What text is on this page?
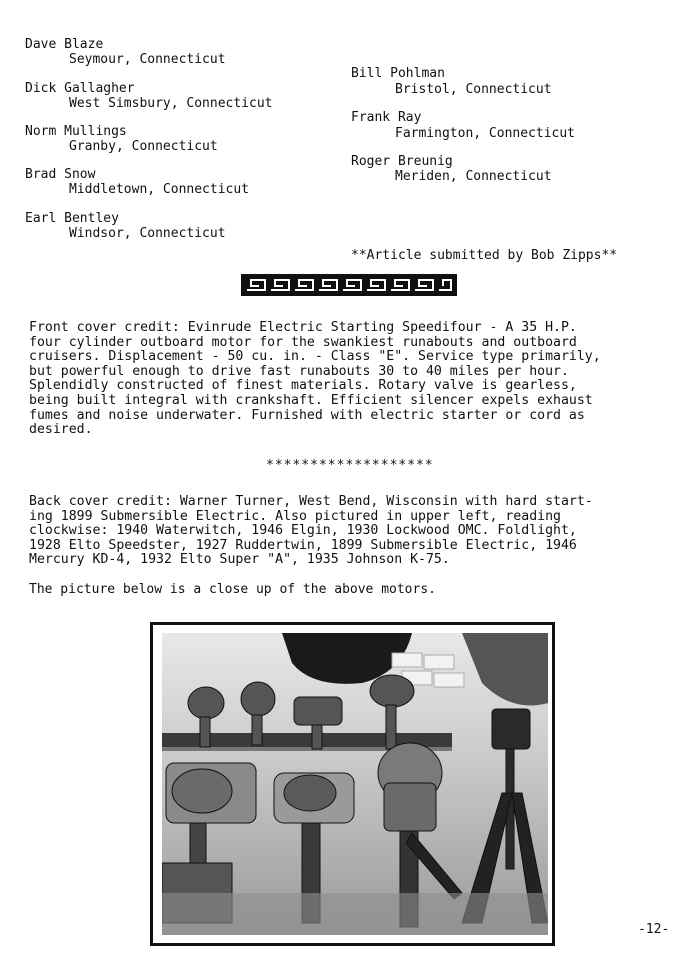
Dave Blaze
Seymour, Connecticut
Dick Gallagher
West Simsbury, Connecticut
Norm Mullings
Granby, Connecticut
Brad Snow
Middletown, Connecticut
Earl Bentley
Windsor, Connecticut
Bill Pohlman
Bristol, Connecticut
Frank Ray
Farmington, Connecticut
Roger Breunig
Meriden, Connecticut
**Article submitted by Bob Zipps**
Front cover credit: Evinrude Electric Starting Speedifour - A 35 H.P.
four cylinder outboard motor for the swankiest runabouts and outboard
cruisers. Displacement - 50 cu. in. - Class "E". Service type primarily,
but powerful enough to drive fast runabouts 30 to 40 miles per hour.
Splendidly constructed of finest materials. Rotary valve is gearless,
being built integral with crankshaft. Efficient silencer expels exhaust
fumes and noise underwater. Furnished with electric starter or cord as
desired.
*******************
Back cover credit: Warner Turner, West Bend, Wisconsin with hard start-
ing 1899 Submersible Electric. Also pictured in upper left, reading
clockwise: 1940 Waterwitch, 1946 Elgin, 1930 Lockwood OMC. Foldlight,
1928 Elto Speedster, 1927 Ruddertwin, 1899 Submersible Electric, 1946
Mercury KD-4, 1932 Elto Super "A", 1935 Johnson K-75.
The picture below is a close up of the above motors.
-12-
